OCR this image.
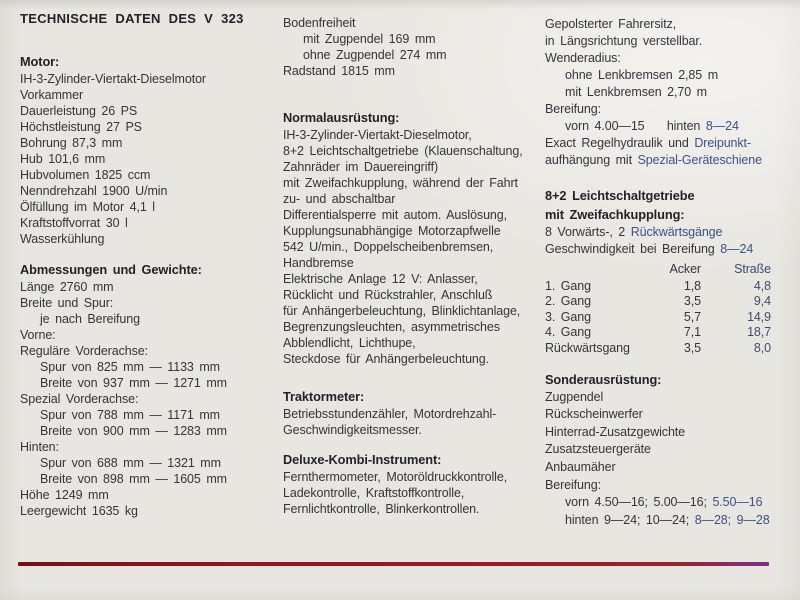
TECHNISCHE DATEN DES V 323
Motor:
IH-3-Zylinder-Viertakt-Dieselmotor
Vorkammer
Dauerleistung 26 PS
Höchstleistung 27 PS
Bohrung 87,3 mm
Hub 101,6 mm
Hubvolumen 1825 ccm
Nenndrehzahl 1900 U/min
Ölfüllung im Motor 4,1 l
Kraftstoffvorrat 30 l
Wasserkühlung
Abmessungen und Gewichte:
Länge 2760 mm
Breite und Spur:
je nach Bereifung
Vorne:
Reguläre Vorderachse:
Spur von 825 mm — 1133 mm
Breite von 937 mm — 1271 mm
Spezial Vorderachse:
Spur von 788 mm — 1171 mm
Breite von 900 mm — 1283 mm
Hinten:
Spur von 688 mm — 1321 mm
Breite von 898 mm — 1605 mm
Höhe 1249 mm
Leergewicht 1635 kg
Bodenfreiheit
mit Zugpendel 169 mm
ohne Zugpendel 274 mm
Radstand 1815 mm
Normalausrüstung:
IH-3-Zylinder-Viertakt-Dieselmotor,
8+2 Leichtschaltgetriebe (Klauenschaltung,
Zahnräder im Dauereingriff)
mit Zweifachkupplung, während der Fahrt
zu- und abschaltbar
Differentialsperre mit autom. Auslösung,
Kupplungsunabhängige Motorzapfwelle
542 U/min., Doppelscheibenbremsen,
Handbremse
Elektrische Anlage 12 V: Anlasser,
Rücklicht und Rückstrahler, Anschluß
für Anhängerbeleuchtung, Blinklichtanlage,
Begrenzungsleuchten, asymmetrisches
Abblendlicht, Lichthupe,
Steckdose für Anhängerbeleuchtung.
Traktormeter:
Betriebsstundenzähler, Motordrehzahl-
Geschwindigkeitsmesser.
Deluxe-Kombi-Instrument:
Fernthermometer, Motoröldruckkontrolle,
Ladekontrolle, Kraftstoffkontrolle,
Fernlichtkontrolle, Blinkerkontrollen.
Gepolsterter Fahrersitz,
in Längsrichtung verstellbar.
Wenderadius:
ohne Lenkbremsen 2,85 m
mit Lenkbremsen 2,70 m
Bereifung:
vorn 4.00—15    hinten 8—24
Exact Regelhydraulik und Dreipunkt-
aufhängung mit Spezial-Geräteschiene
8+2 Leichtschaltgetriebe
mit Zweifachkupplung:
8 Vorwärts-, 2 Rückwärtsgänge
Geschwindigkeit bei Bereifung 8—24
Acker	Straße
1. Gang	1,8	4,8
2. Gang	3,5	9,4
3. Gang	5,7	14,9
4. Gang	7,1	18,7
Rückwärtsgang	3,5	8,0
Sonderausrüstung:
Zugpendel
Rückscheinwerfer
Hinterrad-Zusatzgewichte
Zusatzsteuergeräte
Anbaumäher
Bereifung:
vorn 4.50—16; 5.00—16; 5.50—16
hinten 9—24; 10—24; 8—28; 9—28
